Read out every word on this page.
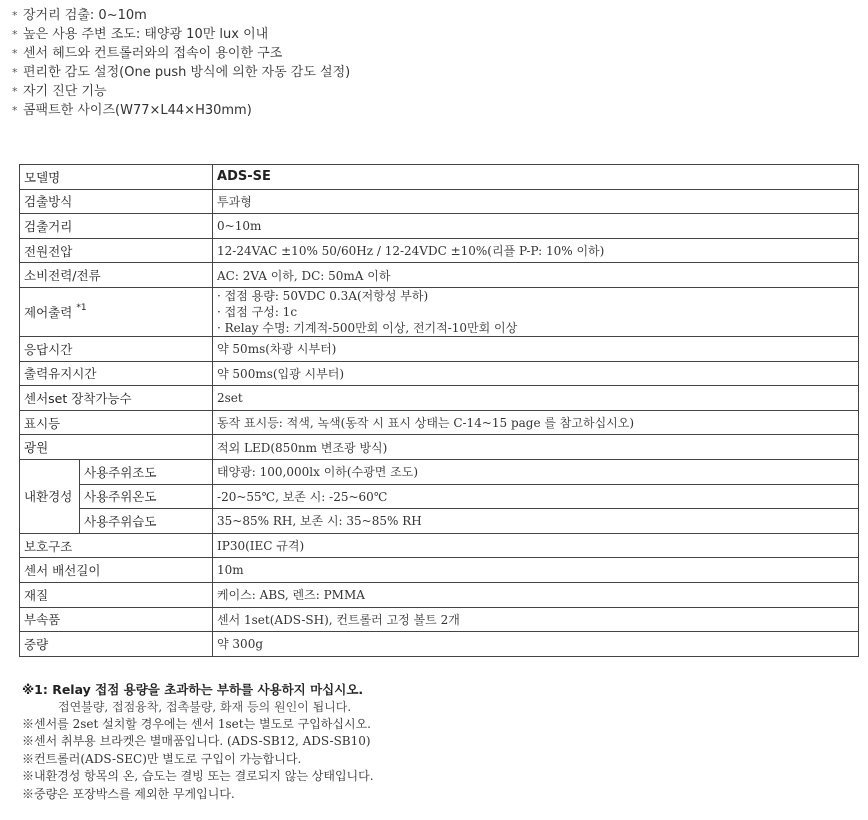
* 장거리 검출: 0~10m
* 높은 사용 주변 조도: 태양광 10만 lux 이내
* 센서 헤드와 컨트롤러와의 접속이 용이한 구조
* 편리한 감도 설정(One push 방식에 의한 자동 감도 설정)
* 자기 진단 기능
* 콤팩트한 사이즈(W77×L44×H30mm)
모델명		ADS-SE
검출방식		투과형
검출거리		0~10m
전원전압		12-24VAC ±10% 50/60Hz / 12-24VDC ±10%(리플 P-P: 10% 이하)
소비전력/전류		AC: 2VA 이하, DC: 50mA 이하
제어출력 $^{*1}$		· 접점 용량: 50VDC 0.3A(저항성 부하)
· 접점 구성: 1c
· Relay 수명: 기계적-500만회 이상, 전기적-10만회 이상

응답시간		약 50ms(차광 시부터)
출력유지시간		약 500ms(입광 시부터)
센서set 장착가능수		2set
표시등		동작 표시등: 적색, 녹색(동작 시 표시 상태는 C-14~15 page 를 참고하십시오)
광원		적외 LED(850nm 변조광 방식)
내환경성	사용주위조도	태양광: 100,000lx 이하(수광면 조도)
	사용주위온도	-20~55℃, 보존 시: -25~60℃
	사용주위습도	35~85% RH, 보존 시: 35~85% RH
보호구조		IP30(IEC 규격)
센서 배선길이		10m
재질		케이스: ABS, 렌즈: PMMA
부속품		센서 1set(ADS-SH), 컨트롤러 고정 볼트 2개
중량		약 300g
※1: Relay 접점 용량을 초과하는 부하를 사용하지 마십시오.
접연불량, 접점융착, 접촉불량, 화재 등의 원인이 됩니다.
※센서를 2set 설치할 경우에는 센서 1set는 별도로 구입하십시오.
※센서 취부용 브라켓은 별매품입니다. (ADS-SB12, ADS-SB10)
※컨트롤러(ADS-SEC)만 별도로 구입이 가능합니다.
※내환경성 항목의 온, 습도는 결빙 또는 결로되지 않는 상태입니다.
※중량은 포장박스를 제외한 무게입니다.
